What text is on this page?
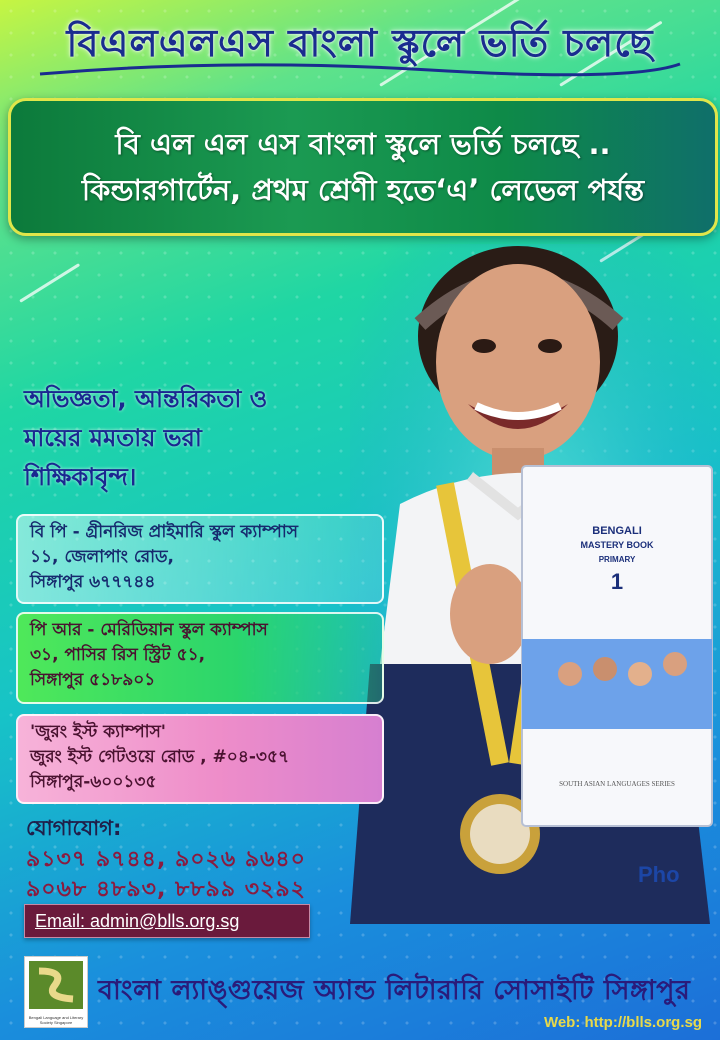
বিএলএলএস বাংলা স্কুলে ভর্তি চলছে
বি এল এল এস বাংলা স্কুলে ভর্তি চলছে ..
কিন্ডারগার্টেন, প্রথম শ্রেণী হতে‘এ’ লেভেল পর্যন্ত
BENGALI
MASTERY BOOK
PRIMARY
1
SOUTH ASIAN LANGUAGES SERIES
অভিজ্ঞতা, আন্তরিকতা ও
মায়ের মমতায় ভরা
শিক্ষিকাবৃন্দ।
বি পি - গ্রীনরিজ প্রাইমারি স্কুল ক্যাম্পাস
১১, জেলাপাং রোড,
সিঙ্গাপুর ৬৭৭৭৪৪
পি আর - মেরিডিয়ান স্কুল ক্যাম্পাস
৩১, পাসির রিস স্ট্রিট ৫১,
সিঙ্গাপুর ৫১৮৯০১
'জুরং ইস্ট ক্যাম্পাস'
জুরং ইস্ট গেটওয়ে রোড , #০৪-৩৫৭
সিঙ্গাপুর-৬০০১৩৫
যোগাযোগ:
৯১৩৭ ৯৭৪৪, ৯০২৬ ৯৬৪০
৯০৬৮ ৪৮৯৩, ৮৮৯৯ ৩২৯২
Email: admin@blls.org.sg
Pho
Bengali Language and Literary Society Singapore
বাংলা ল্যাঙ্গুয়েজ অ্যান্ড লিটারারি সোসাইটি সিঙ্গাপুর
Web: http://blls.org.sg
